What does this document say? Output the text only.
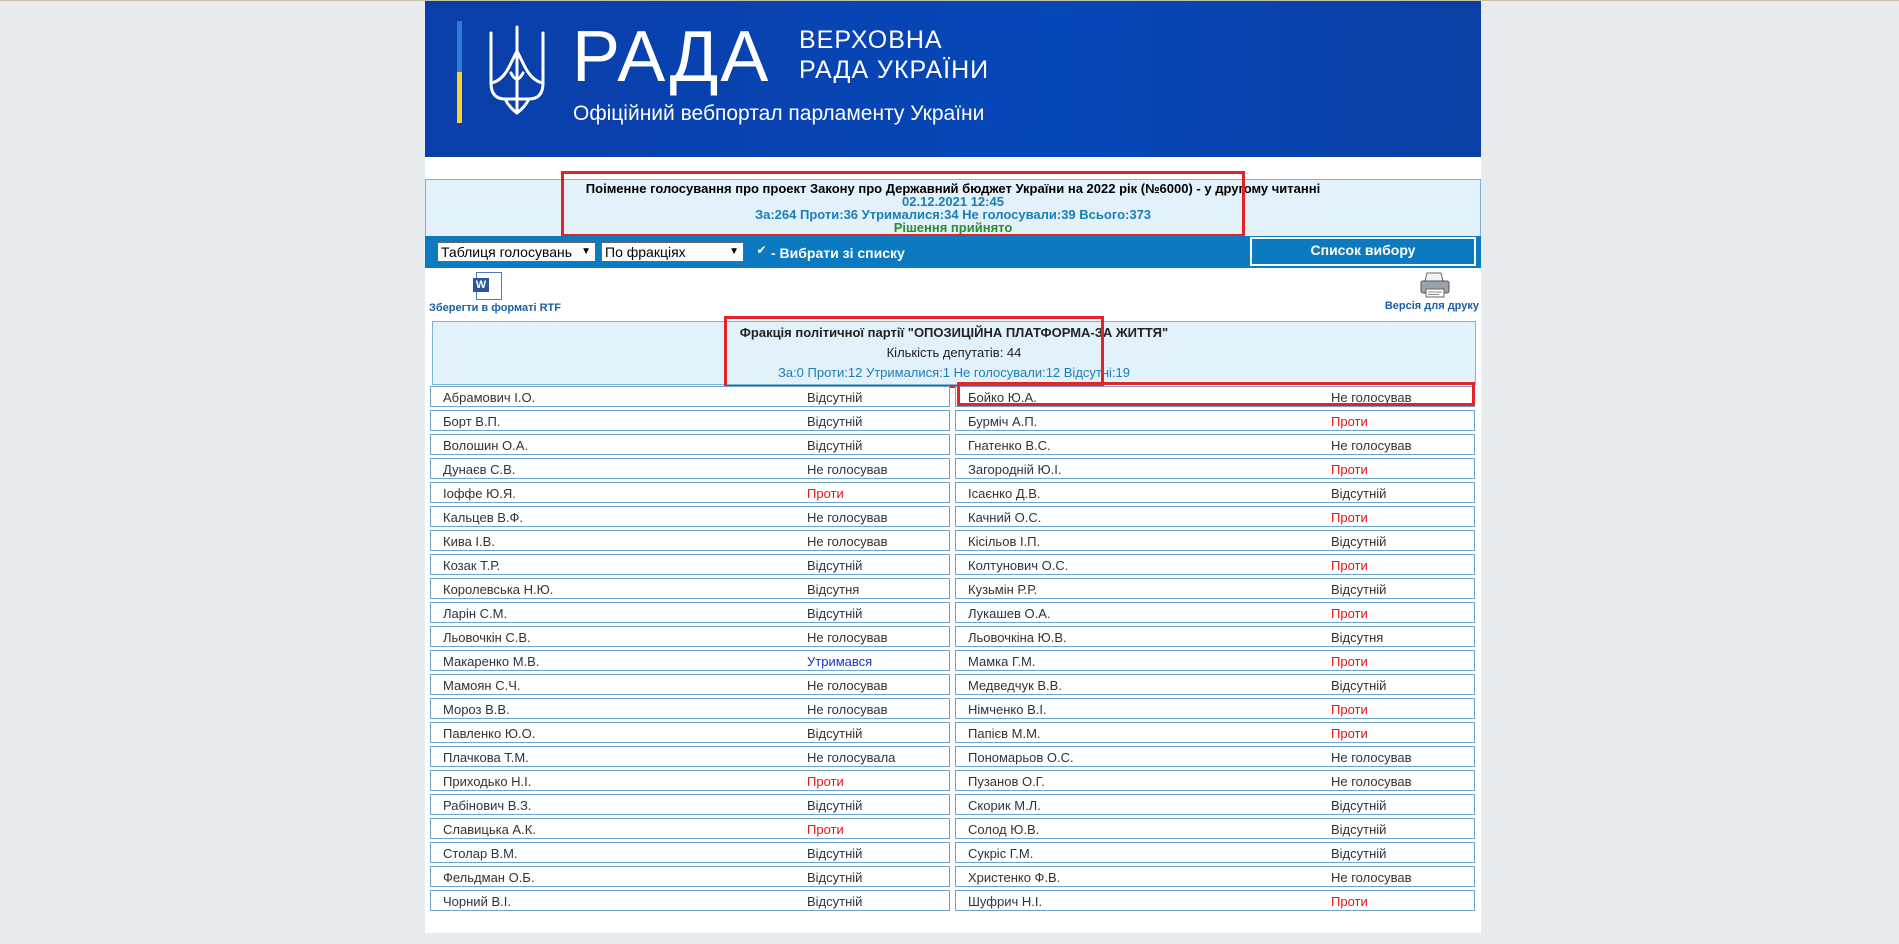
РАДА ВЕРХОВНА
РАДА УКРАЇНИ
Офіційний вебпортал парламенту України
Поіменне голосування про проект Закону про Державний бюджет України на 2022 рік (№6000) - у другому читанні
02.12.2021 12:45
За:264 Проти:36 Утрималися:34 Не голосували:39 Всього:373
Рішення прийнято
Таблиця голосувань ▼ По фракціях	▼ ✔ - Вибрати зі списку	Список вибору
W
Зберегти в форматі RTF	Версія для друку
Фракція політичної партії "ОПОЗИЦІЙНА ПЛАТФОРМА-ЗА ЖИТТЯ"
Кількість депутатів: 44
За:0 Проти:12 Утрималися:1 Не голосували:12 Відсутні:19
Абрамович І.О.	Відсутній
Борт В.П.	Відсутній
Волошин О.А.	Відсутній
Дунаєв С.В.	Не голосував
Іоффе Ю.Я.	Проти
Кальцев В.Ф.	Не голосував
Кива І.В.	Не голосував
Козак Т.Р.	Відсутній
Королевська Н.Ю.	Відсутня
Ларін С.М.	Відсутній
Льовочкін С.В.	Не голосував
Макаренко М.В.	Утримався
Мамоян С.Ч.	Не голосував
Мороз В.В.	Не голосував
Павленко Ю.О.	Відсутній
Плачкова Т.М.	Не голосувала
Приходько Н.І.	Проти
Рабінович В.З.	Відсутній
Славицька А.К.	Проти
Столар В.М.	Відсутній
Фельдман О.Б.	Відсутній
Чорний В.І.	Відсутній
Бойко Ю.А.	Не голосував
Бурміч А.П.	Проти
Гнатенко В.С.	Не голосував
Загородній Ю.І.	Проти
Ісаєнко Д.В.	Відсутній
Качний О.С.	Проти
Кісільов І.П.	Відсутній
Колтунович О.С.	Проти
Кузьмін Р.Р.	Відсутній
Лукашев О.А.	Проти
Льовочкіна Ю.В.	Відсутня
Мамка Г.М.	Проти
Медведчук В.В.	Відсутній
Німченко В.І.	Проти
Папієв М.М.	Проти
Пономарьов О.С.	Не голосував
Пузанов О.Г.	Не голосував
Скорик М.Л.	Відсутній
Солод Ю.В.	Відсутній
Сукріс Г.М.	Відсутній
Христенко Ф.В.	Не голосував
Шуфрич Н.І.	Проти
